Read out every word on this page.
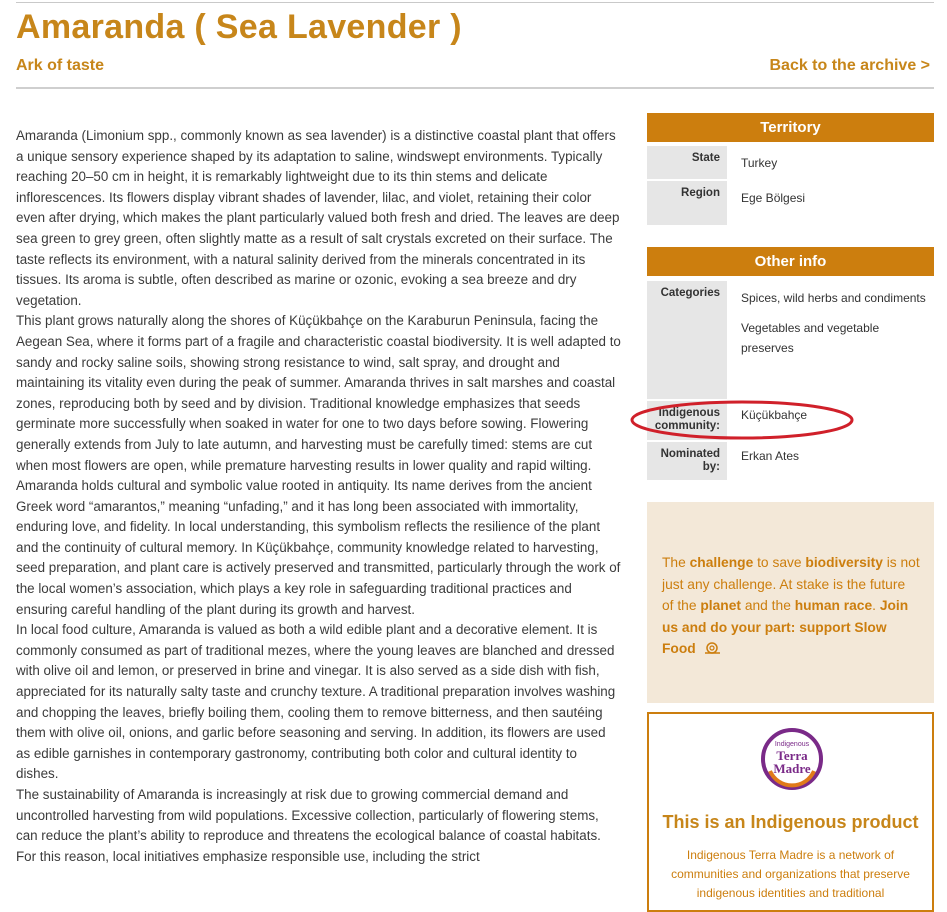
Amaranda ( Sea Lavender )
Ark of taste	Back to the archive >

Amaranda (Limonium spp., commonly known as sea lavender) is a distinctive coastal plant that offers a unique sensory experience shaped by its adaptation to saline, windswept environments. Typically reaching 20–50 cm in height, it is remarkably lightweight due to its thin stems and delicate inflorescences. Its flowers display vibrant shades of lavender, lilac, and violet, retaining their color even after drying, which makes the plant particularly valued both fresh and dried. The leaves are deep sea green to grey green, often slightly matte as a result of salt crystals excreted on their surface. The taste reflects its environment, with a natural salinity derived from the minerals concentrated in its tissues. Its aroma is subtle, often described as marine or ozonic, evoking a sea breeze and dry vegetation.

This plant grows naturally along the shores of Küçükbahçe on the Karaburun Peninsula, facing the Aegean Sea, where it forms part of a fragile and characteristic coastal biodiversity. It is well adapted to sandy and rocky saline soils, showing strong resistance to wind, salt spray, and drought and maintaining its vitality even during the peak of summer. Amaranda thrives in salt marshes and coastal zones, reproducing both by seed and by division. Traditional knowledge emphasizes that seeds germinate more successfully when soaked in water for one to two days before sowing. Flowering generally extends from July to late autumn, and harvesting must be carefully timed: stems are cut when most flowers are open, while premature harvesting results in lower quality and rapid wilting.

Amaranda holds cultural and symbolic value rooted in antiquity. Its name derives from the ancient Greek word “amarantos,” meaning “unfading,” and it has long been associated with immortality, enduring love, and fidelity. In local understanding, this symbolism reflects the resilience of the plant and the continuity of cultural memory. In Küçükbahçe, community knowledge related to harvesting, seed preparation, and plant care is actively preserved and transmitted, particularly through the work of the local women’s association, which plays a key role in safeguarding traditional practices and ensuring careful handling of the plant during its growth and harvest.

In local food culture, Amaranda is valued as both a wild edible plant and a decorative element. It is commonly consumed as part of traditional mezes, where the young leaves are blanched and dressed with olive oil and lemon, or preserved in brine and vinegar. It is also served as a side dish with fish, appreciated for its naturally salty taste and crunchy texture. A traditional preparation involves washing and chopping the leaves, briefly boiling them, cooling them to remove bitterness, and then sautéing them with olive oil, onions, and garlic before seasoning and serving. In addition, its flowers are used as edible garnishes in contemporary gastronomy, contributing both color and cultural identity to dishes.

The sustainability of Amaranda is increasingly at risk due to growing commercial demand and uncontrolled harvesting from wild populations. Excessive collection, particularly of flowering stems, can reduce the plant’s ability to reproduce and threatens the ecological balance of coastal habitats. For this reason, local initiatives emphasize responsible use, including the strict

Territory
State	Turkey
Region	Ege Bölgesi
Other info
Categories	Spices, wild herbs and condiments
Vegetables and vegetable preserves
Indigenous community:
Küçükbahçe
Nominated by:
Erkan Ates
The challenge to save biodiversity is not just any challenge. At stake is the future of the planet and the human race. Join us and do your part: support Slow Food
Indigenous
Terra
Madre
This is an Indigenous product
Indigenous Terra Madre is a network of communities and organizations that preserve indigenous identities and traditional
